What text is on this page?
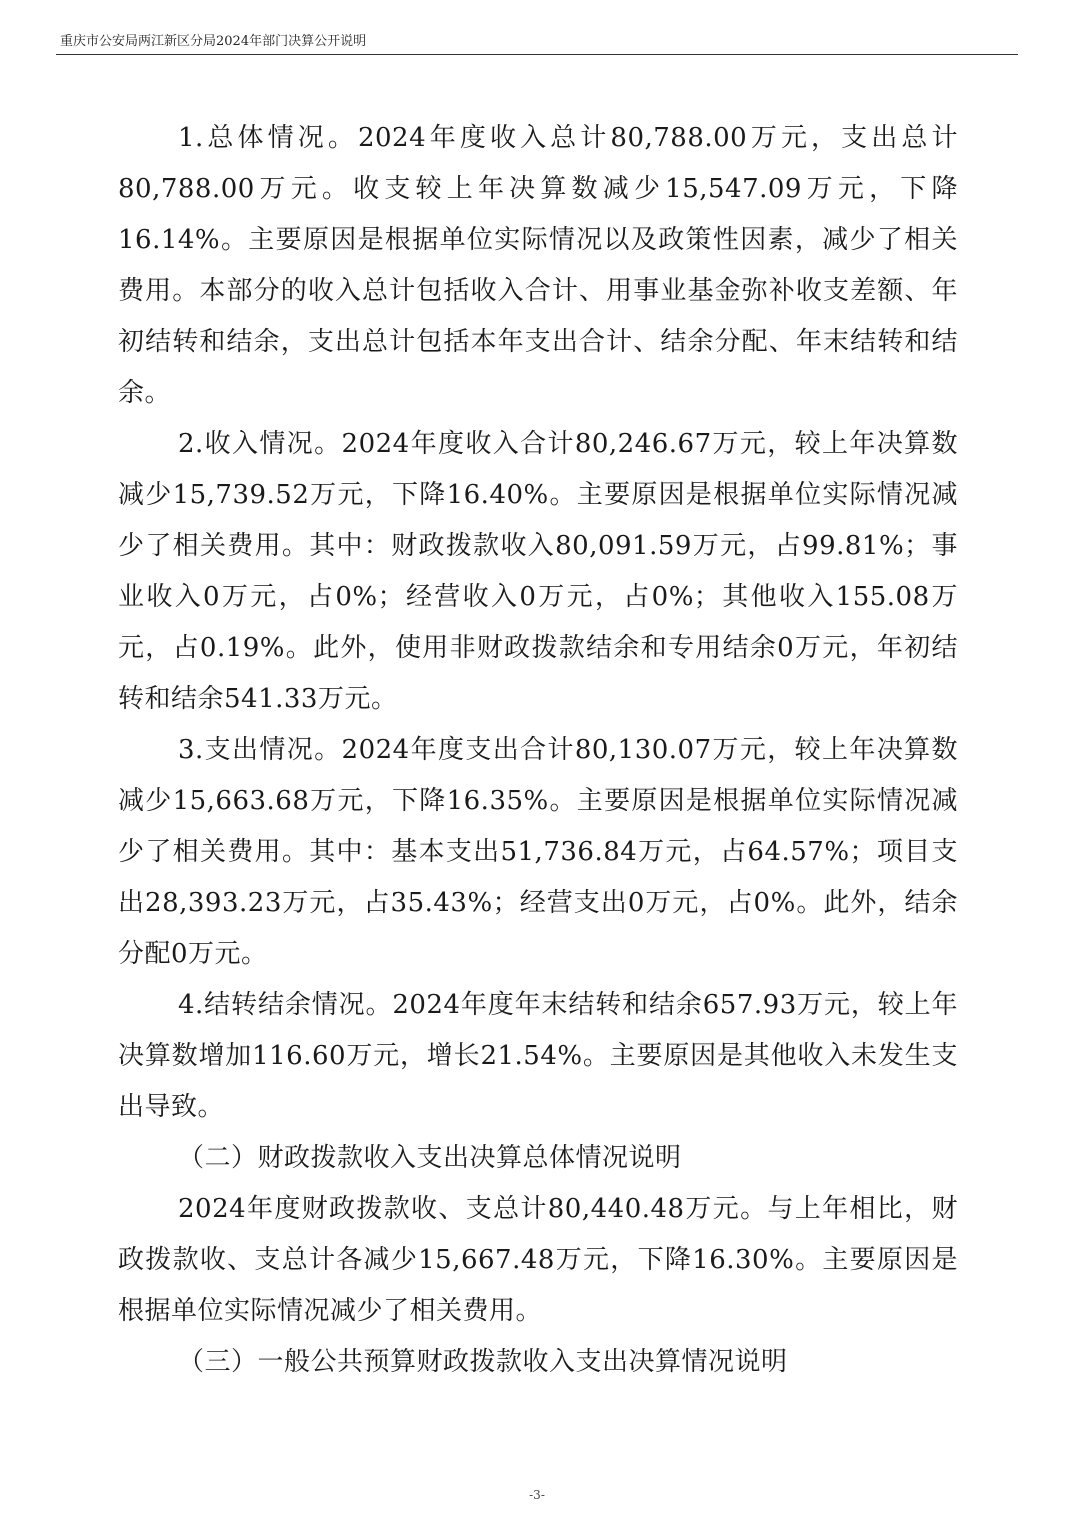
重庆市公安局两江新区分局2024年部门决算公开说明

1.总体情况。2024年度收入总计80,788.00万元，支出总计80,788.00万元。收支较上年决算数减少15,547.09万元，下降16.14%。主要原因是根据单位实际情况以及政策性因素，减少了相关费用。本部分的收入总计包括收入合计、用事业基金弥补收支差额、年初结转和结余，支出总计包括本年支出合计、结余分配、年末结转和结余。

2.收入情况。2024年度收入合计80,246.67万元，较上年决算数减少15,739.52万元，下降16.40%。主要原因是根据单位实际情况减少了相关费用。其中：财政拨款收入80,091.59万元，占99.81%；事业收入0万元，占0%；经营收入0万元，占0%；其他收入155.08万元，占0.19%。此外，使用非财政拨款结余和专用结余0万元，年初结转和结余541.33万元。

3.支出情况。2024年度支出合计80,130.07万元，较上年决算数减少15,663.68万元，下降16.35%。主要原因是根据单位实际情况减少了相关费用。其中：基本支出51,736.84万元，占64.57%；项目支出28,393.23万元，占35.43%；经营支出0万元，占0%。此外，结余分配0万元。

4.结转结余情况。2024年度年末结转和结余657.93万元，较上年决算数增加116.60万元，增长21.54%。主要原因是其他收入未发生支出导致。

（二）财政拨款收入支出决算总体情况说明

2024年度财政拨款收、支总计80,440.48万元。与上年相比，财政拨款收、支总计各减少15,667.48万元，下降16.30%。主要原因是根据单位实际情况减少了相关费用。

（三）一般公共预算财政拨款收入支出决算情况说明

-3-
